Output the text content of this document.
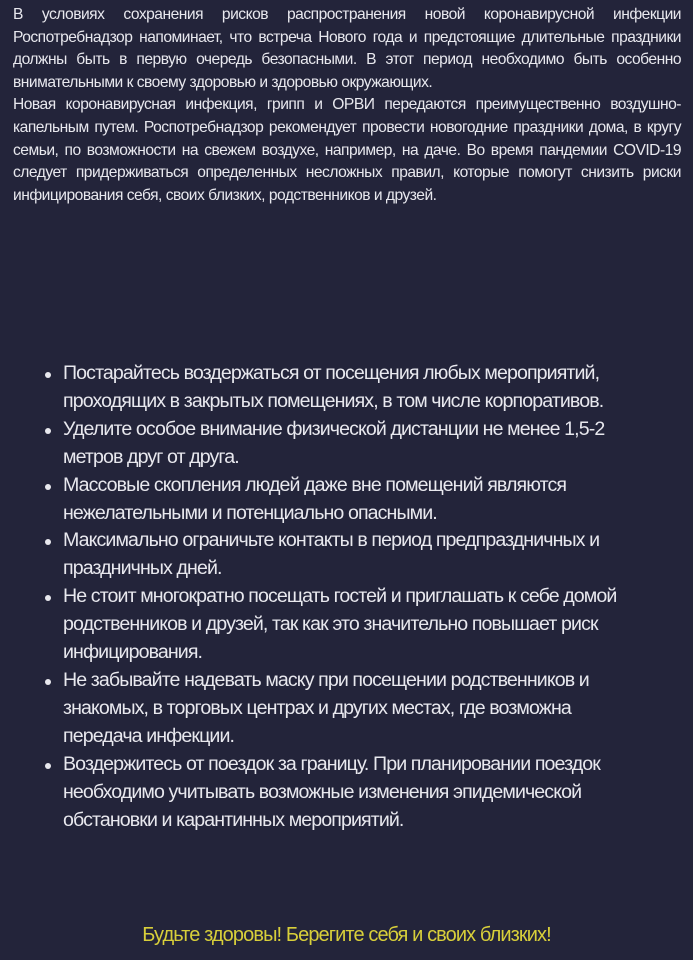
В условиях сохранения рисков распространения новой коронавирусной инфекции Роспотребнадзор напоминает, что встреча Нового года и предстоящие длительные праздники должны быть в первую очередь безопасными. В этот период необходимо быть особенно внимательными к своему здоровью и здоровью окружающих.

Новая коронавирусная инфекция, грипп и ОРВИ передаются преимущественно воздушно-капельным путем. Роспотребнадзор рекомендует провести новогодние праздники дома, в кругу семьи, по возможности на свежем воздухе, например, на даче. Во время пандемии COVID-19 следует придерживаться определенных несложных правил, которые помогут снизить риски инфицирования себя, своих близких, родственников и друзей.

Постарайтесь воздержаться от посещения любых мероприятий, проходящих в закрытых помещениях, в том числе корпоративов.
Уделите особое внимание физической дистанции не менее 1,5-2 метров друг от друга.
Массовые скопления людей даже вне помещений являются нежелательными и потенциально опасными.
Максимально ограничьте контакты в период предпраздничных и праздничных дней.
Не стоит многократно посещать гостей и приглашать к себе домой родственников и друзей, так как это значительно повышает риск инфицирования.
Не забывайте надевать маску при посещении родственников и знакомых, в торговых центрах и других местах, где возможна передача инфекции.
Воздержитесь от поездок за границу. При планировании поездок необходимо учитывать возможные изменения эпидемической обстановки и карантинных мероприятий.
Будьте здоровы! Берегите себя и своих близких!
